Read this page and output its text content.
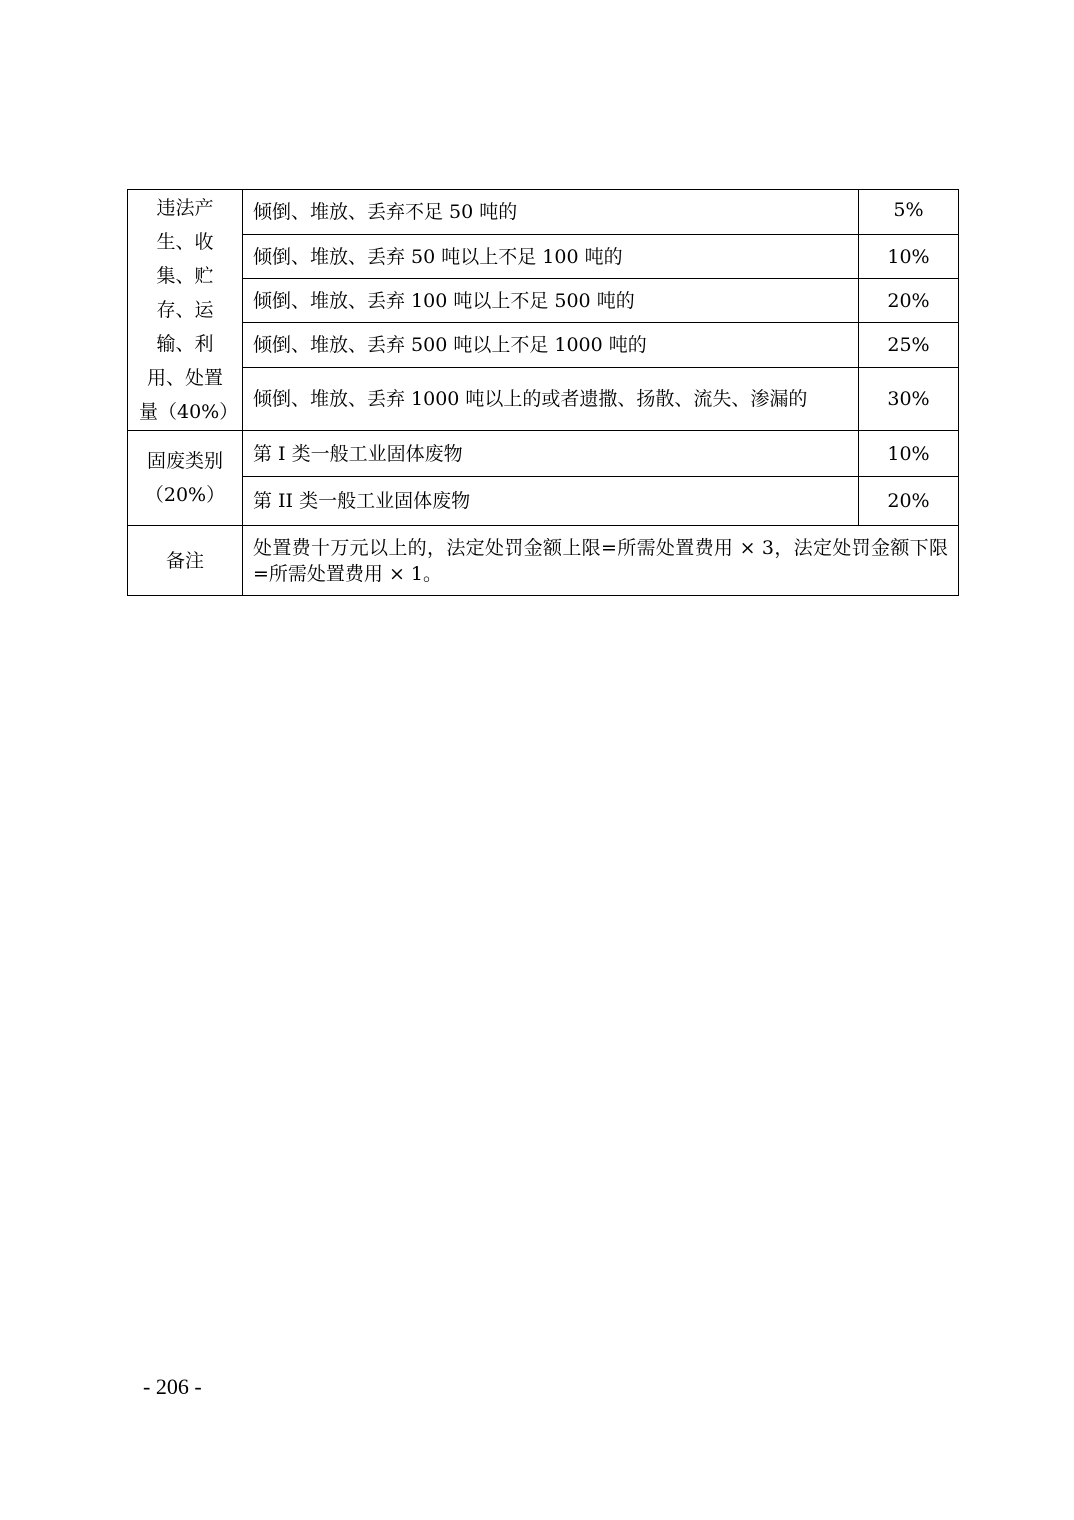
违法产生、收集、贮存、运输、利用、处置量（40%）	倾倒、堆放、丢弃不足 50 吨的	5%

	倾倒、堆放、丢弃 50 吨以上不足 100 吨的	10%
	倾倒、堆放、丢弃 100 吨以上不足 500 吨的	20%
	倾倒、堆放、丢弃 500 吨以上不足 1000 吨的	25%
	倾倒、堆放、丢弃 1000 吨以上的或者遗撒、扬散、流失、渗漏的	30%

固废类别（20%）	第 I 类一般工业固体废物	10%
	第 II 类一般工业固体废物	20%
备注	处置费十万元以上的，法定处罚金额上限=所需处置费用 × 3，法定处罚金额下限=所需处置费用 × 1。	
- 206 -
